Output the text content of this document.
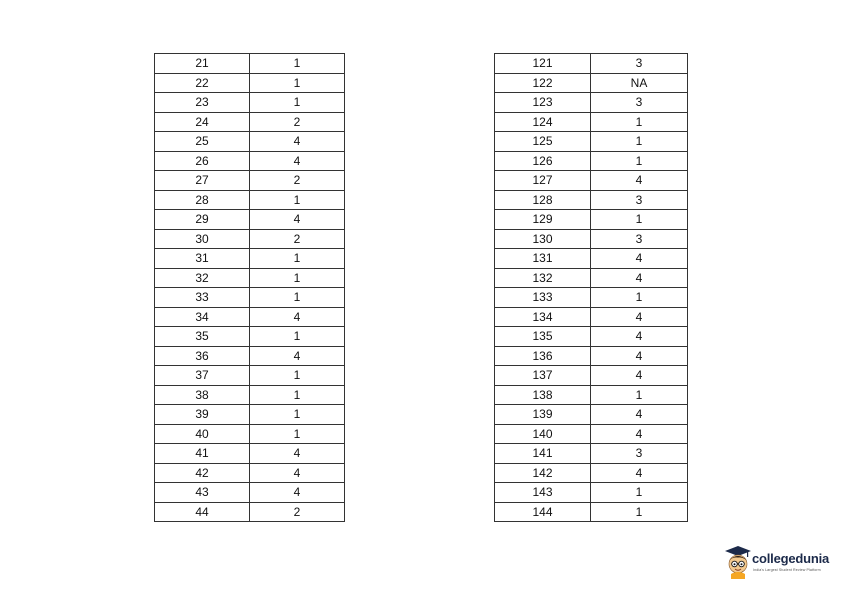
21	1
22	1
23	1
24	2
25	4
26	4
27	2
28	1
29	4
30	2
31	1
32	1
33	1
34	4
35	1
36	4
37	1
38	1
39	1
40	1
41	4
42	4
43	4
44	2
121	3
122	NA
123	3
124	1
125	1
126	1
127	4
128	3
129	1
130	3
131	4
132	4
133	1
134	4
135	4
136	4
137	4
138	1
139	4
140	4
141	3
142	4
143	1
144	1
collegedunia
India's Largest Student Review Platform
